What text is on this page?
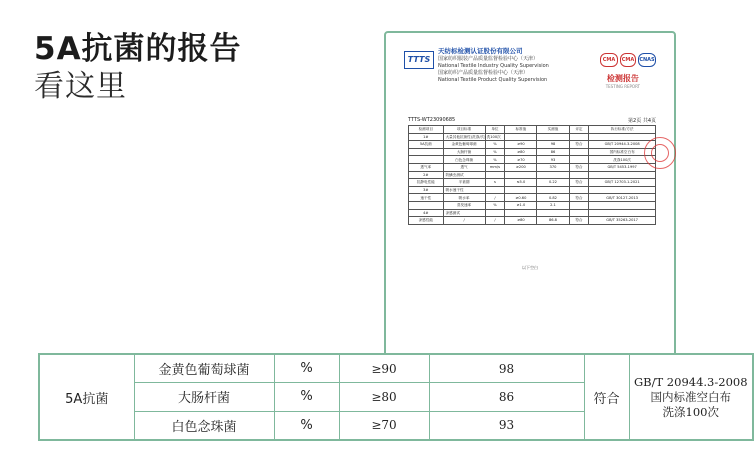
5A抗菌的报告
看这里
TTTS
天纺标检测认证股份有限公司
国家纺织服装产品质量监督检验中心（天津）
National Textile Industry Quality Supervision
国家纺织产品质量监督检验中心（天津）
National Textile Product Quality Supervision
CMA	CMA	CNAS
检测报告
TESTING REPORT
TTTS-WT23090685	第2页 共4页
检测项目	项目标准	单位	标准值	实测值	评定	执行标准/方法
1#	大量其他抗菌性(洗涤/次) 洗100次					
5A抗菌	金黄色葡萄球菌	%	≥90	98	符合	GB/T 20944.3-2008
	大肠杆菌	%	≥80	86		国内标准空白布
	白色念珠菌	%	≥70	93		洗涤100次
透气率	透气	mm/s	≥200	370	符合	GB/T 5453-1997
2#	防螨虫测试					
抗静电性能	半衰期	s	≤5.0	0.22	符合	GB/T 12703.1-2021
3#	吸水速干性					
速干性	吸水率	/	≥0.60	0.82	符合	GB/T 30127-2013
	蒸发速率	%	≥1.0	2.1		
4#	凉感测试					
凉感性能	/	/	≥80	86.8	符合	GB/T 35263-2017
以下空白
5A抗菌	金黄色葡萄球菌	%	≥90	98	符合	GB/T 20944.3-2008
国内标准空白布
洗涤100次

	大肠杆菌	%	≥80	86		
	白色念珠菌	%	≥70	93		
